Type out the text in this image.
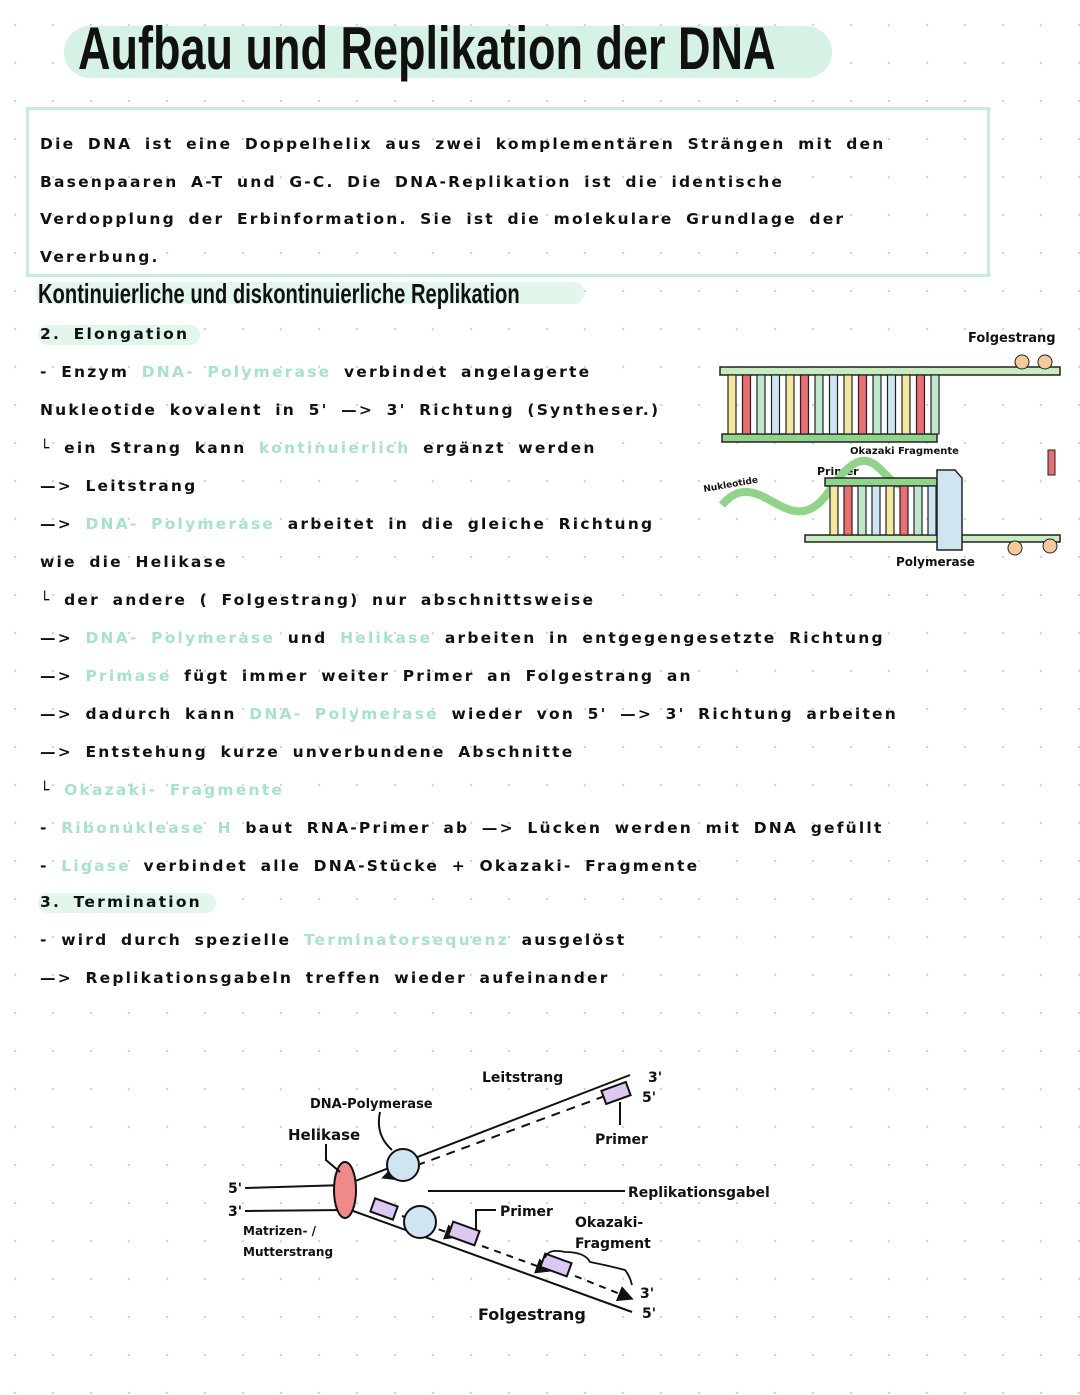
Aufbau und Replikation der DNA
Die DNA ist eine Doppelhelix aus zwei komplementären Strängen mit den
Basenpaaren A-T und G-C. Die DNA-Replikation ist die identische
Verdopplung der Erbinformation. Sie ist die molekulare Grundlage der
Vererbung.
Kontinuierliche und diskontinuierliche Replikation
2. Elongation
- Enzym DNA- Polymerase verbindet angelagerte
Nukleotide kovalent in 5' —> 3' Richtung (Syntheser.)
└ ein Strang kann kontinuierlich ergänzt werden
—> Leitstrang
—> DNA- Polymerase arbeitet in die gleiche Richtung
wie die Helikase
└ der andere ( Folgestrang) nur abschnittsweise
—> DNA- Polymerase und Helikase arbeiten in entgegengesetzte Richtung
—> Primase fügt immer weiter Primer an Folgestrang an
—> dadurch kann DNA- Polymerase wieder von 5' —> 3' Richtung arbeiten
—> Entstehung kurze unverbundene Abschnitte
└ Okazaki- Fragmente
- Ribonuklease H baut RNA-Primer ab —> Lücken werden mit DNA gefüllt
- Ligase verbindet alle DNA-Stücke + Okazaki- Fragmente
3. Termination
- wird durch spezielle Terminatorsequenz ausgelöst
—> Replikationsgabeln treffen wieder aufeinander
Folgestrang
Okazaki Fragmente
Nukleotide
Primer
Polymerase
5'
3'
Leitstrang
DNA-Polymerase
Helikase	Primer
3'
5'
Replikationsgabel
Primer
Okazaki-
Fragment
Matrizen- /
Mutterstrang
Folgestrang
3'
5'
